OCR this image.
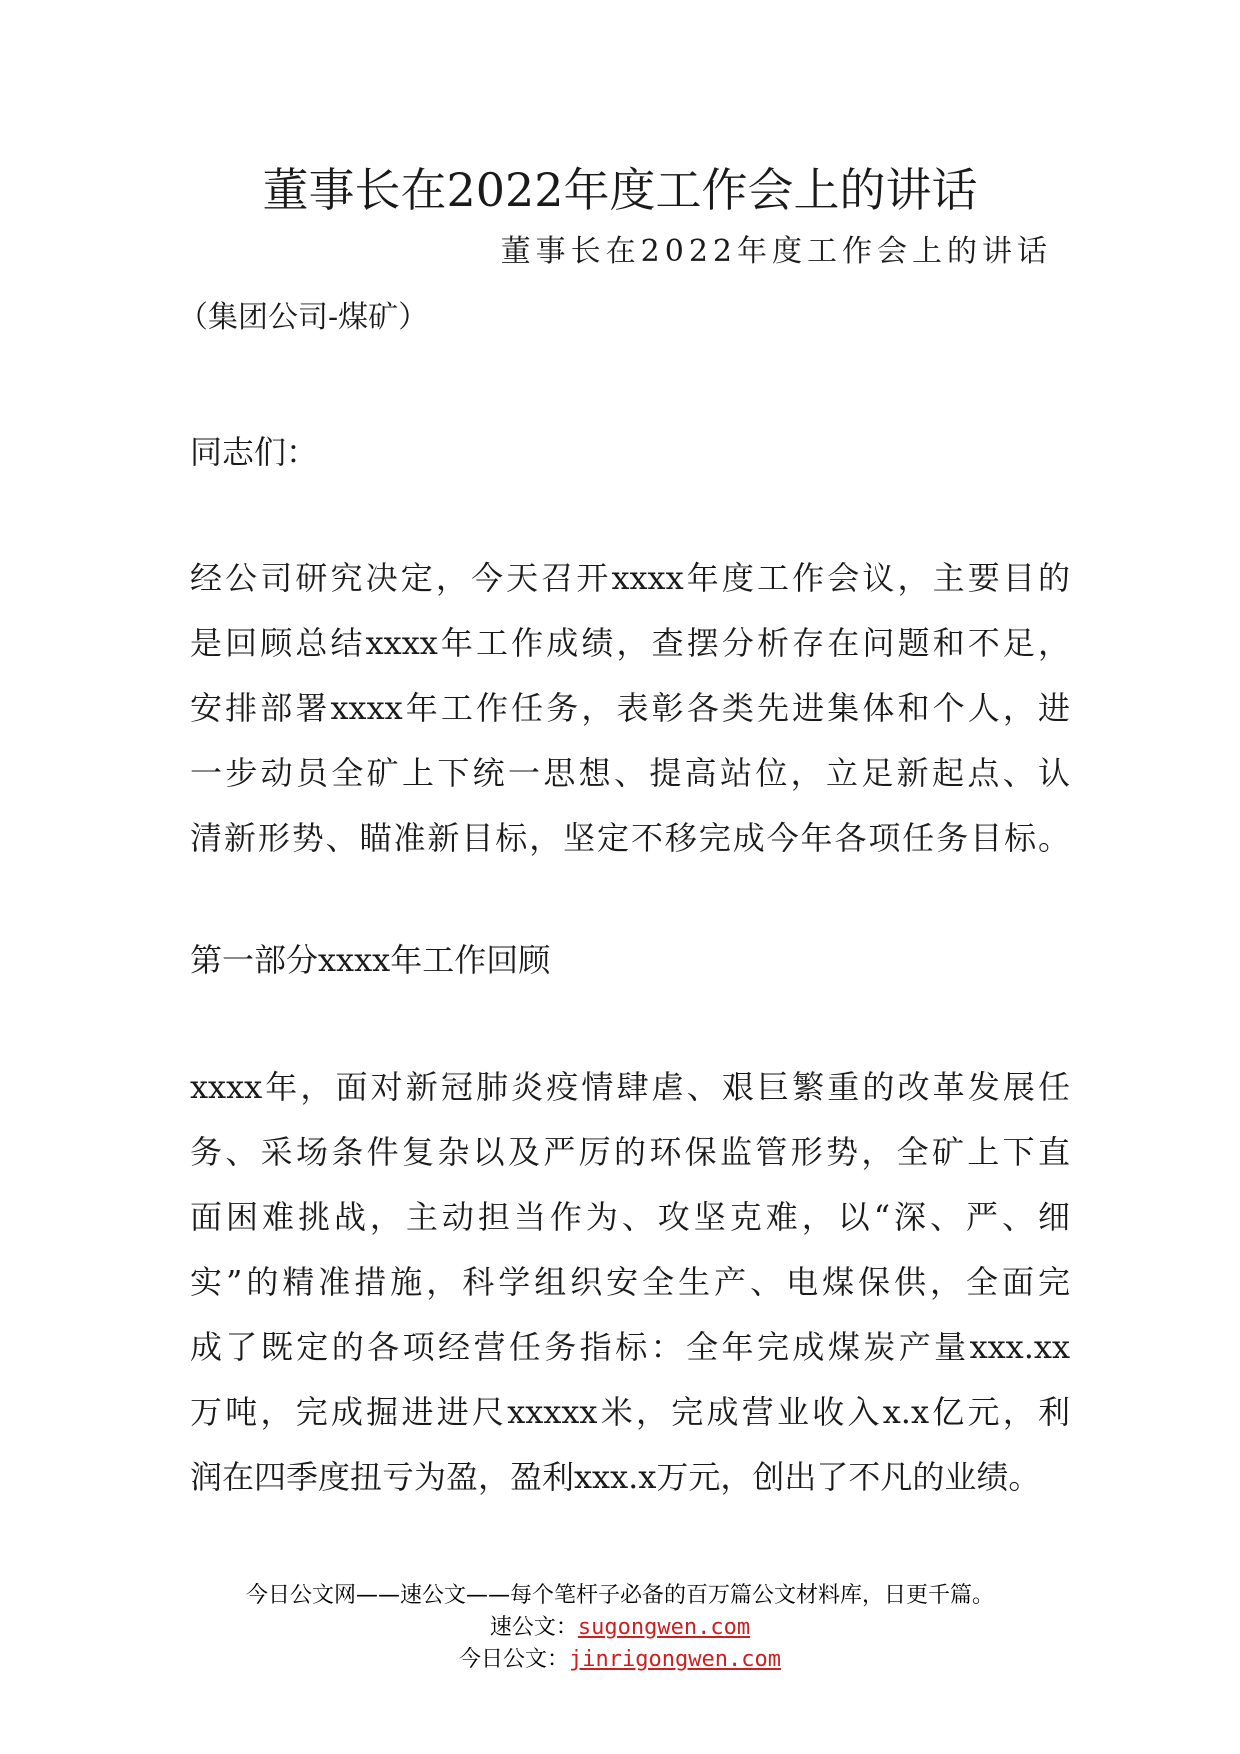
董事长在2022年度工作会上的讲话
董事长在2022年度工作会上的讲话
（集团公司-煤矿）
同志们：
经公司研究决定，今天召开xxxx年度工作会议，主要目的
是回顾总结xxxx年工作成绩，查摆分析存在问题和不足，
安排部署xxxx年工作任务，表彰各类先进集体和个人，进
一步动员全矿上下统一思想、提高站位，立足新起点、认
清新形势、瞄准新目标，坚定不移完成今年各项任务目标。
第一部分xxxx年工作回顾
xxxx年，面对新冠肺炎疫情肆虐、艰巨繁重的改革发展任
务、采场条件复杂以及严厉的环保监管形势，全矿上下直
面困难挑战，主动担当作为、攻坚克难，以“深、严、细
实”的精准措施，科学组织安全生产、电煤保供，全面完
成了既定的各项经营任务指标：全年完成煤炭产量xxx.xx
万吨，完成掘进进尺xxxxx米，完成营业收入x.x亿元，利
润在四季度扭亏为盈，盈利xxx.x万元，创出了不凡的业绩。
今日公文网——速公文——每个笔杆子必备的百万篇公文材料库，日更千篇。
速公文：sugongwen.com
今日公文：jinrigongwen.com
